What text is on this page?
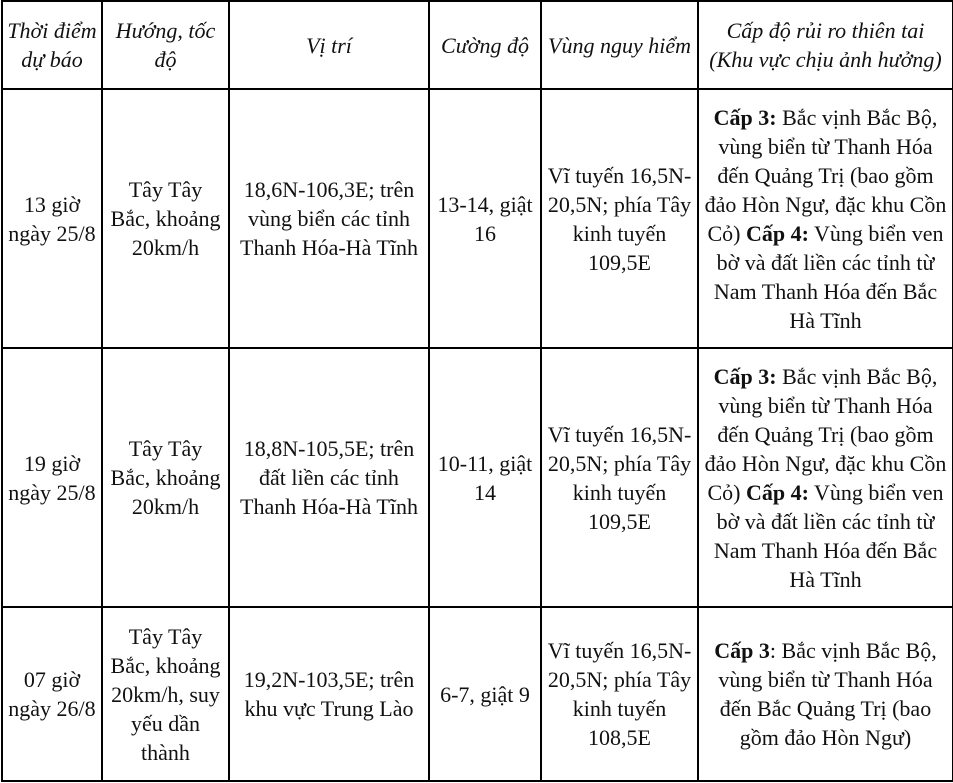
Thời điểm dự báo	Hướng, tốc độ	Vị trí	Cường độ	Vùng nguy hiểm	Cấp độ rủi ro thiên tai (Khu vực chịu ảnh hưởng)
13 giờ ngày 25/8	Tây Tây Bắc, khoảng 20km/h	18,6N-106,3E; trên vùng biển các tỉnh Thanh Hóa-Hà Tĩnh	13-14, giật 16	Vĩ tuyến 16,5N-20,5N; phía Tây kinh tuyến 109,5E	Cấp 3: Bắc vịnh Bắc Bộ, vùng biển từ Thanh Hóa đến Quảng Trị (bao gồm đảo Hòn Ngư, đặc khu Cồn Cỏ) Cấp 4: Vùng biển ven bờ và đất liền các tỉnh từ Nam Thanh Hóa đến Bắc Hà Tĩnh
19 giờ ngày 25/8	Tây Tây Bắc, khoảng 20km/h	18,8N-105,5E; trên đất liền các tỉnh Thanh Hóa-Hà Tĩnh	10-11, giật 14	Vĩ tuyến 16,5N-20,5N; phía Tây kinh tuyến 109,5E	Cấp 3: Bắc vịnh Bắc Bộ, vùng biển từ Thanh Hóa đến Quảng Trị (bao gồm đảo Hòn Ngư, đặc khu Cồn Cỏ) Cấp 4: Vùng biển ven bờ và đất liền các tỉnh từ Nam Thanh Hóa đến Bắc Hà Tĩnh
07 giờ ngày 26/8	Tây Tây Bắc, khoảng 20km/h, suy yếu dần thành	19,2N-103,5E; trên khu vực Trung Lào	6-7, giật 9	Vĩ tuyến 16,5N-20,5N; phía Tây kinh tuyến 108,5E	Cấp 3: Bắc vịnh Bắc Bộ, vùng biển từ Thanh Hóa đến Bắc Quảng Trị (bao gồm đảo Hòn Ngư)
